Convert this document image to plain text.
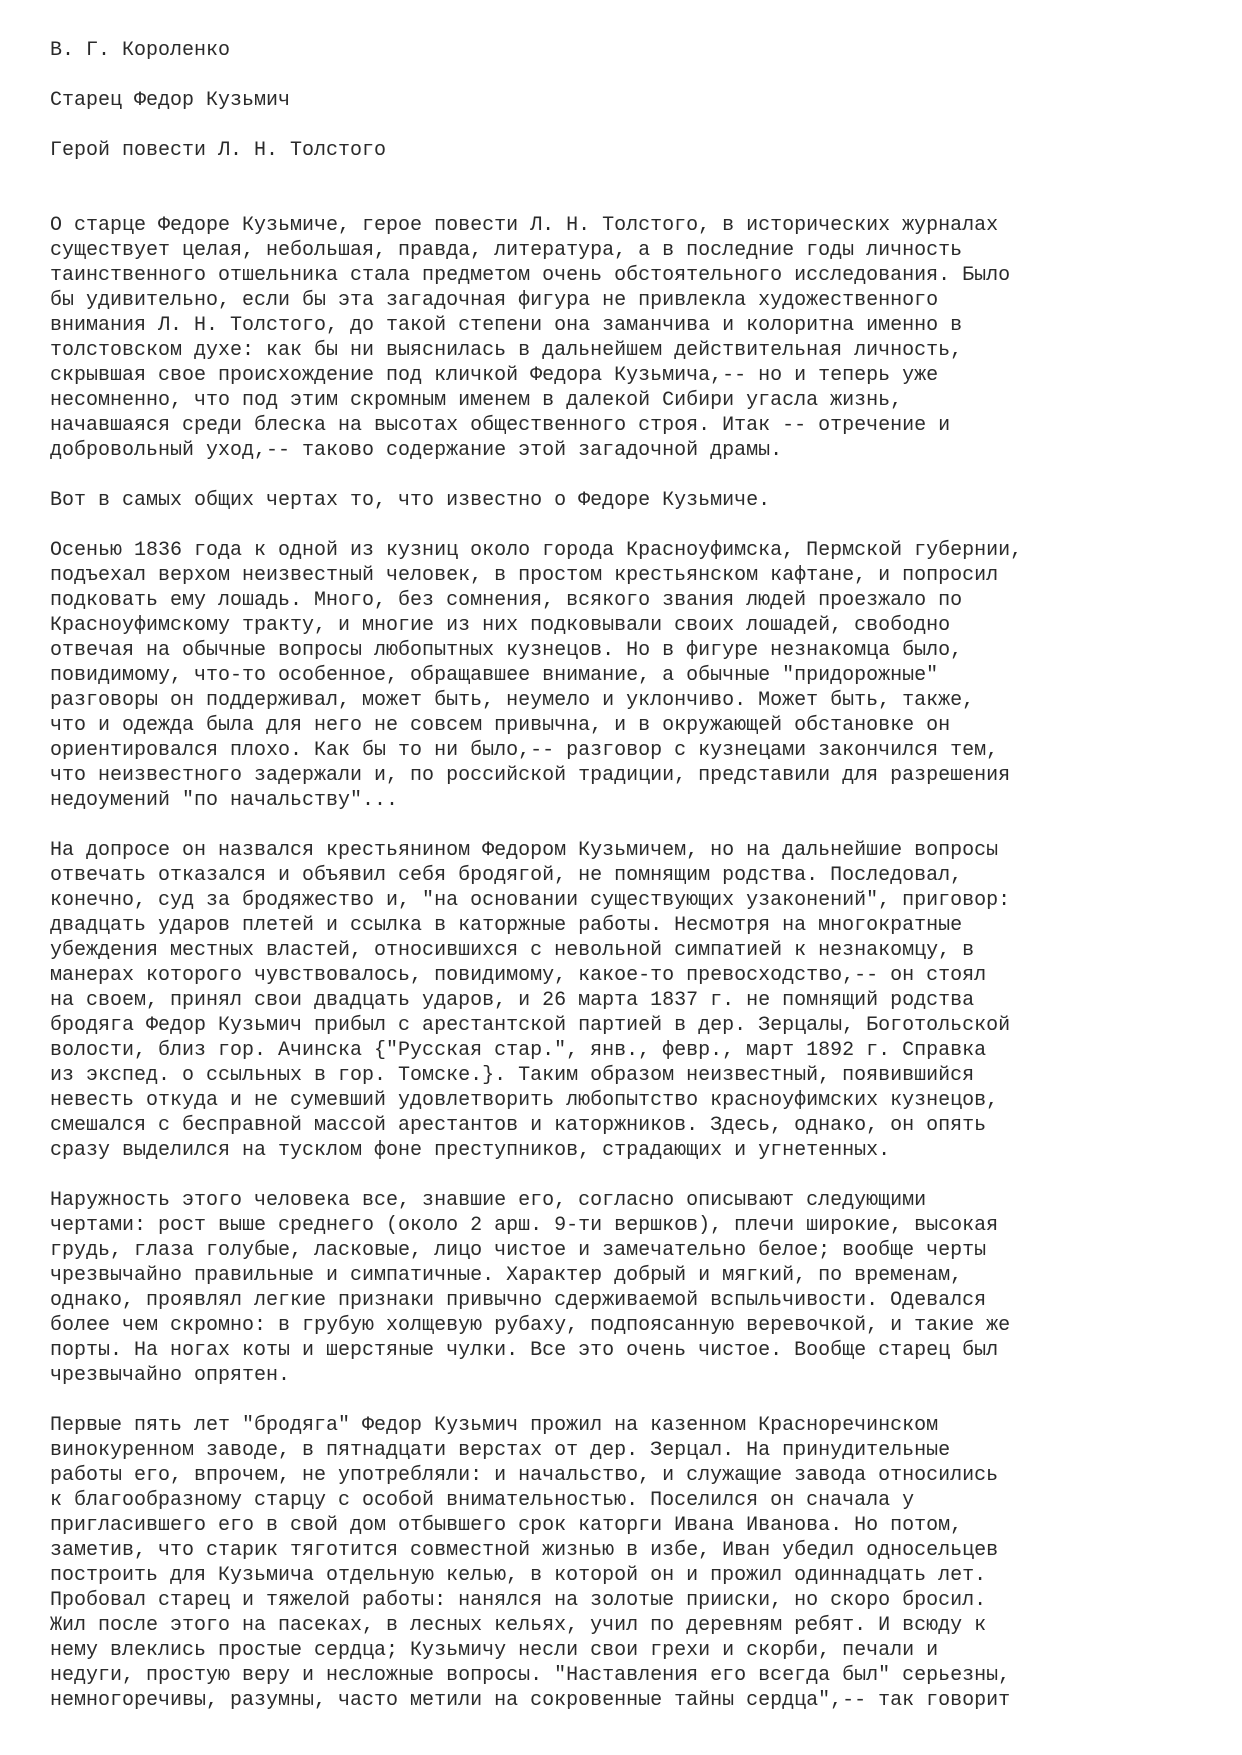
В. Г. Короленко
Старец Федор Кузьмич
Герой повести Л. Н. Толстого
О старце Федоре Кузьмиче, герое повести Л. Н. Толстого, в исторических журналах
существует целая, небольшая, правда, литература, а в последние годы личность
таинственного отшельника стала предметом очень обстоятельного исследования. Было
бы удивительно, если бы эта загадочная фигура не привлекла художественного
внимания Л. Н. Толстого, до такой степени она заманчива и колоритна именно в
толстовском духе: как бы ни выяснилась в дальнейшем действительная личность,
скрывшая свое происхождение под кличкой Федора Кузьмича,-- но и теперь уже
несомненно, что под этим скромным именем в далекой Сибири угасла жизнь,
начавшаяся среди блеска на высотах общественного строя. Итак -- отречение и
добровольный уход,-- таково содержание этой загадочной драмы.
Вот в самых общих чертах то, что известно о Федоре Кузьмиче.
Осенью 1836 года к одной из кузниц около города Красноуфимска, Пермской губернии,
подъехал верхом неизвестный человек, в простом крестьянском кафтане, и попросил
подковать ему лошадь. Много, без сомнения, всякого звания людей проезжало по
Красноуфимскому тракту, и многие из них подковывали своих лошадей, свободно
отвечая на обычные вопросы любопытных кузнецов. Но в фигуре незнакомца было,
повидимому, что-то особенное, обращавшее внимание, а обычные "придорожные"
разговоры он поддерживал, может быть, неумело и уклончиво. Может быть, также,
что и одежда была для него не совсем привычна, и в окружающей обстановке он
ориентировался плохо. Как бы то ни было,-- разговор с кузнецами закончился тем,
что неизвестного задержали и, по российской традиции, представили для разрешения
недоумений "по начальству"...
На допросе он назвался крестьянином Федором Кузьмичем, но на дальнейшие вопросы
отвечать отказался и объявил себя бродягой, не помнящим родства. Последовал,
конечно, суд за бродяжество и, "на основании существующих узаконений", приговор:
двадцать ударов плетей и ссылка в каторжные работы. Несмотря на многократные
убеждения местных властей, относившихся с невольной симпатией к незнакомцу, в
манерах которого чувствовалось, повидимому, какое-то превосходство,-- он стоял
на своем, принял свои двадцать ударов, и 26 марта 1837 г. не помнящий родства
бродяга Федор Кузьмич прибыл с арестантской партией в дер. Зерцалы, Боготольской
волости, близ гор. Ачинска {"Русская стар.", янв., февр., март 1892 г. Справка
из экспед. о ссыльных в гор. Томске.}. Таким образом неизвестный, появившийся
невесть откуда и не сумевший удовлетворить любопытство красноуфимских кузнецов,
смешался с бесправной массой арестантов и каторжников. Здесь, однако, он опять
сразу выделился на тусклом фоне преступников, страдающих и угнетенных.
Наружность этого человека все, знавшие его, согласно описывают следующими
чертами: рост выше среднего (около 2 арш. 9-ти вершков), плечи широкие, высокая
грудь, глаза голубые, ласковые, лицо чистое и замечательно белое; вообще черты
чрезвычайно правильные и симпатичные. Характер добрый и мягкий, по временам,
однако, проявлял легкие признаки привычно сдерживаемой вспыльчивости. Одевался
более чем скромно: в грубую холщевую рубаху, подпоясанную веревочкой, и такие же
порты. На ногах коты и шерстяные чулки. Все это очень чистое. Вообще старец был
чрезвычайно опрятен.
Первые пять лет "бродяга" Федор Кузьмич прожил на казенном Красноречинском
винокуренном заводе, в пятнадцати верстах от дер. Зерцал. На принудительные
работы его, впрочем, не употребляли: и начальство, и служащие завода относились
к благообразному старцу с особой внимательностью. Поселился он сначала у
пригласившего его в свой дом отбывшего срок каторги Ивана Иванова. Но потом,
заметив, что старик тяготится совместной жизнью в избе, Иван убедил односельцев
построить для Кузьмича отдельную келью, в которой он и прожил одиннадцать лет.
Пробовал старец и тяжелой работы: нанялся на золотые прииски, но скоро бросил.
Жил после этого на пасеках, в лесных кельях, учил по деревням ребят. И всюду к
нему влеклись простые сердца; Кузьмичу несли свои грехи и скорби, печали и
недуги, простую веру и несложные вопросы. "Наставления его всегда был" серьезны,
немногоречивы, разумны, часто метили на сокровенные тайны сердца",-- так говорит
